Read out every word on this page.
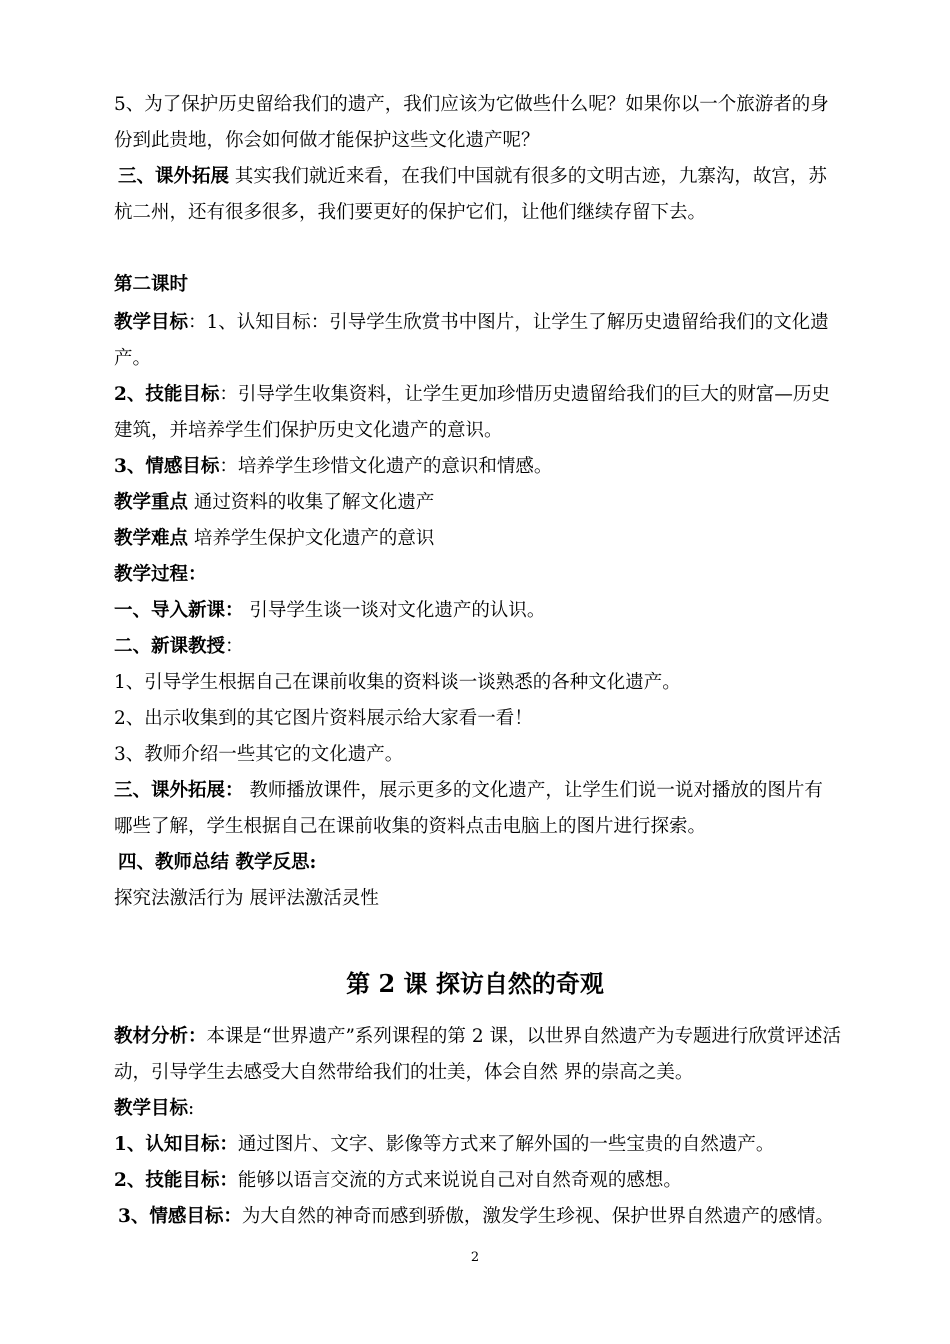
5、为了保护历史留给我们的遗产，我们应该为它做些什么呢？如果你以一个旅游者的身
份到此贵地，你会如何做才能保护这些文化遗产呢？
三、课外拓展 其实我们就近来看，在我们中国就有很多的文明古迹，九寨沟，故宫，苏
杭二州，还有很多很多，我们要更好的保护它们，让他们继续存留下去。
第二课时
教学目标：1、认知目标：引导学生欣赏书中图片，让学生了解历史遗留给我们的文化遗
产。
2、技能目标：引导学生收集资料，让学生更加珍惜历史遗留给我们的巨大的财富—历史
建筑，并培养学生们保护历史文化遗产的意识。
3、情感目标：培养学生珍惜文化遗产的意识和情感。
教学重点 通过资料的收集了解文化遗产
教学难点 培养学生保护文化遗产的意识
教学过程：
一、导入新课： 引导学生谈一谈对文化遗产的认识。
二、新课教授：
1、引导学生根据自己在课前收集的资料谈一谈熟悉的各种文化遗产。
2、出示收集到的其它图片资料展示给大家看一看！
3、教师介绍一些其它的文化遗产。
三、课外拓展： 教师播放课件，展示更多的文化遗产，让学生们说一说对播放的图片有
哪些了解，学生根据自己在课前收集的资料点击电脑上的图片进行探索。
四、教师总结 教学反思:
探究法激活行为 展评法激活灵性
第 2 课 探访自然的奇观
教材分析：本课是“世界遗产”系列课程的第 2 课，以世界自然遗产为专题进行欣赏评述活
动，引导学生去感受大自然带给我们的壮美，体会自然 界的崇高之美。
教学目标:
1、认知目标：通过图片、文字、影像等方式来了解外国的一些宝贵的自然遗产。
2、技能目标：能够以语言交流的方式来说说自己对自然奇观的感想。
3、情感目标：为大自然的神奇而感到骄傲，激发学生珍视、保护世界自然遗产的感情。
2
